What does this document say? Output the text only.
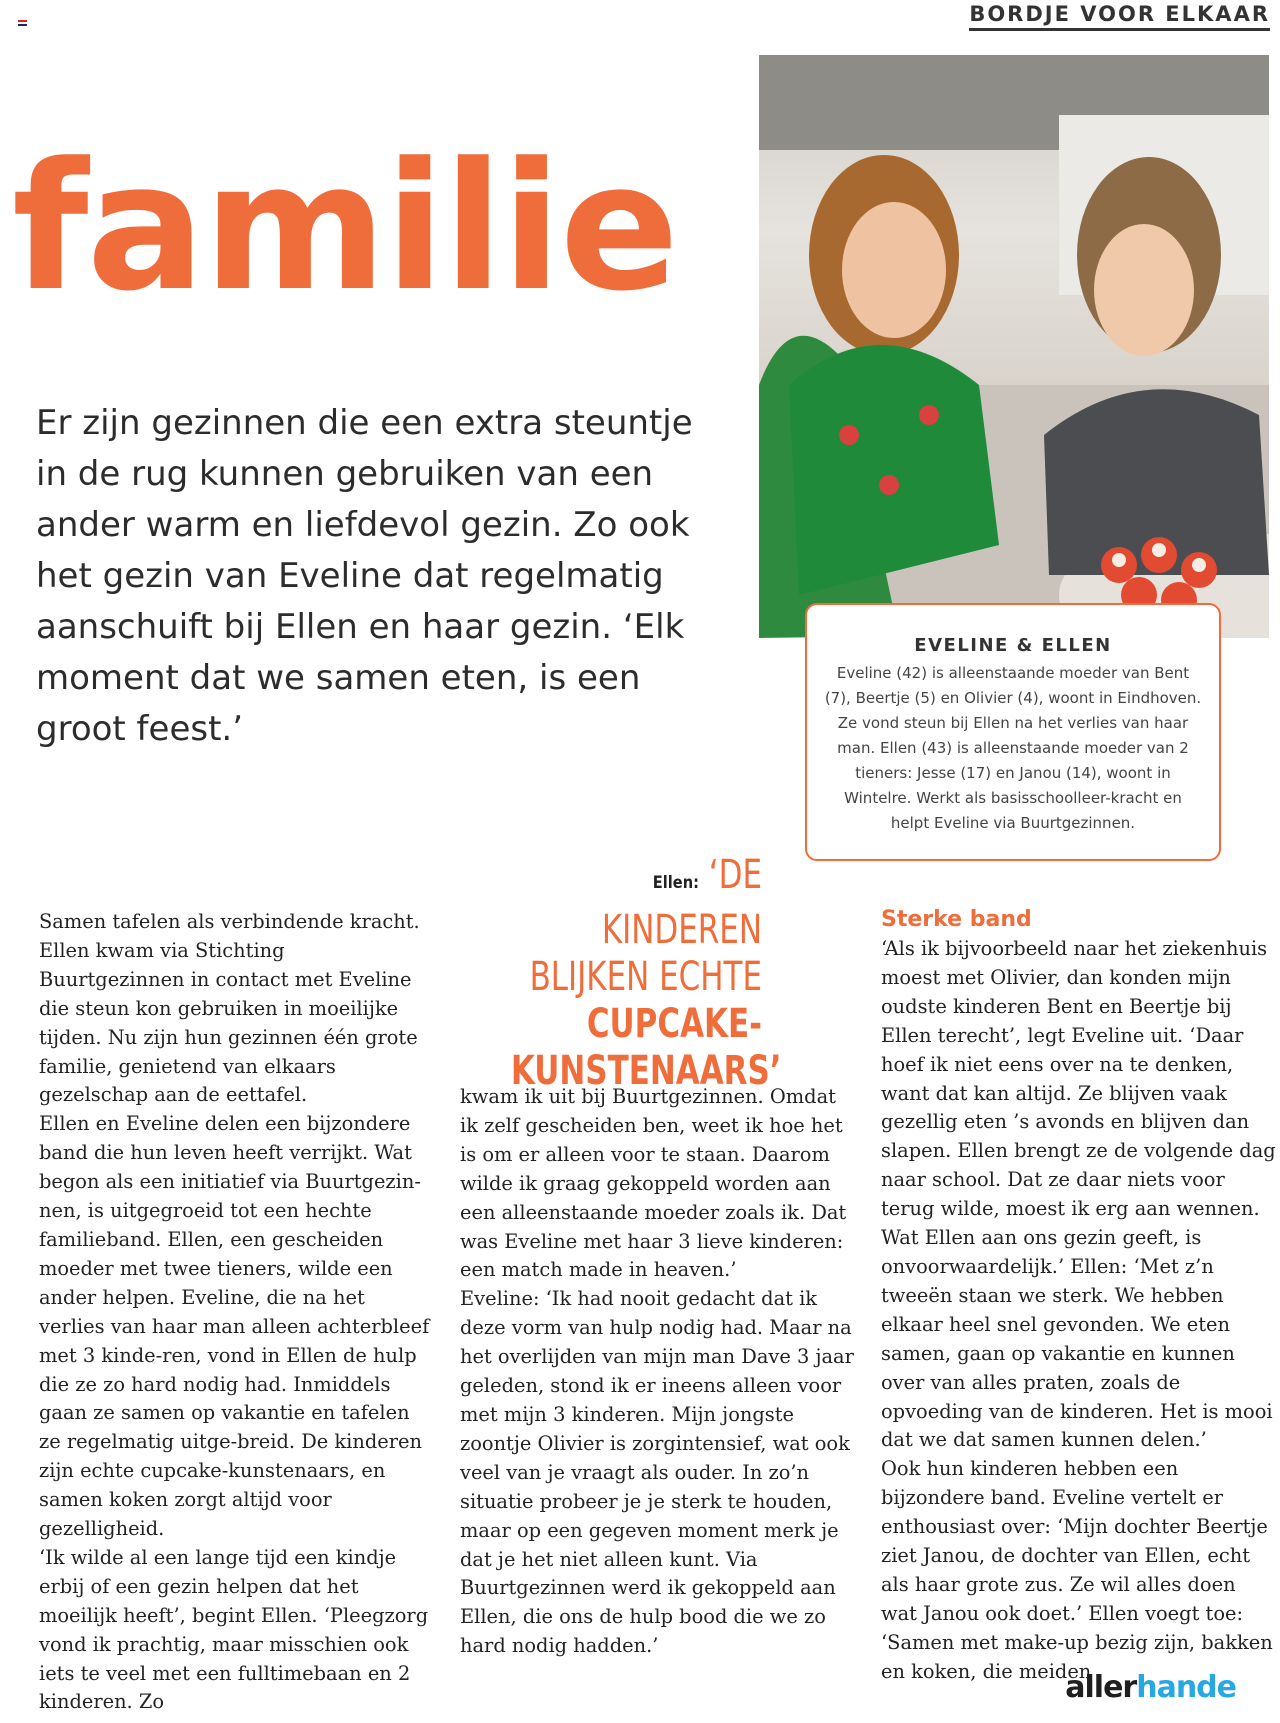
BORDJE VOOR ELKAAR
familie
Er zijn gezinnen die een extra steuntje in de rug kunnen gebruiken van een ander warm en liefdevol gezin. Zo ook het gezin van Eveline dat regelmatig aanschuift bij Ellen en haar gezin. ‘Elk moment dat we samen eten, is een groot feest.’
EVELINE & ELLEN
Eveline (42) is alleenstaande moeder van Bent (7), Beertje (5) en Olivier (4), woont in Eindhoven. Ze vond steun bij Ellen na het verlies van haar man. Ellen (43) is alleenstaande moeder van 2 tieners: Jesse (17) en Janou (14), woont in Wintelre. Werkt als basisschoolleer-kracht en helpt Eveline via Buurtgezinnen.
Ellen: ‘DE KINDEREN BLIJKEN ECHTE CUPCAKE-KUNSTENAARS’

Samen tafelen als verbindende kracht. Ellen kwam via Stichting Buurtgezinnen in contact met Eveline die steun kon gebruiken in moeilijke tijden. Nu zijn hun gezinnen één grote familie, genietend van elkaars gezelschap aan de eettafel.

Ellen en Eveline delen een bijzondere band die hun leven heeft verrijkt. Wat begon als een initiatief via Buurtgezin-nen, is uitgegroeid tot een hechte familieband. Ellen, een gescheiden moeder met twee tieners, wilde een ander helpen. Eveline, die na het verlies van haar man alleen achterbleef met 3 kinde-ren, vond in Ellen de hulp die ze zo hard nodig had. Inmiddels gaan ze samen op vakantie en tafelen ze regelmatig uitge-breid. De kinderen zijn echte cupcake-kunstenaars, en samen koken zorgt altijd voor gezelligheid.

‘Ik wilde al een lange tijd een kindje erbij of een gezin helpen dat het moeilijk heeft’, begint Ellen. ‘Pleegzorg vond ik prachtig, maar misschien ook iets te veel met een fulltimebaan en 2 kinderen. Zo

kwam ik uit bij Buurtgezinnen. Omdat ik zelf gescheiden ben, weet ik hoe het is om er alleen voor te staan. Daarom wilde ik graag gekoppeld worden aan een alleenstaande moeder zoals ik. Dat was Eveline met haar 3 lieve kinderen: een match made in heaven.’

Eveline: ‘Ik had nooit gedacht dat ik deze vorm van hulp nodig had. Maar na het overlijden van mijn man Dave 3 jaar geleden, stond ik er ineens alleen voor met mijn 3 kinderen. Mijn jongste zoontje Olivier is zorgintensief, wat ook veel van je vraagt als ouder. In zo’n situatie probeer je je sterk te houden, maar op een gegeven moment merk je dat je het niet alleen kunt. Via Buurtgezinnen werd ik gekoppeld aan Ellen, die ons de hulp bood die we zo hard nodig hadden.’

Sterke band

‘Als ik bijvoorbeeld naar het ziekenhuis moest met Olivier, dan konden mijn oudste kinderen Bent en Beertje bij Ellen terecht’, legt Eveline uit. ‘Daar hoef ik niet eens over na te denken, want dat kan altijd. Ze blijven vaak gezellig eten ’s avonds en blijven dan slapen. Ellen brengt ze de volgende dag naar school. Dat ze daar niets voor terug wilde, moest ik erg aan wennen. Wat Ellen aan ons gezin geeft, is onvoorwaardelijk.’ Ellen: ‘Met z’n tweeën staan we sterk. We hebben elkaar heel snel gevonden. We eten samen, gaan op vakantie en kunnen over van alles praten, zoals de opvoeding van de kinderen. Het is mooi dat we dat samen kunnen delen.’

Ook hun kinderen hebben een bijzondere band. Eveline vertelt er enthousiast over: ‘Mijn dochter Beertje ziet Janou, de dochter van Ellen, echt als haar grote zus. Ze wil alles doen wat Janou ook doet.’ Ellen voegt toe: ‘Samen met make-up bezig zijn, bakken en koken, die meiden

allerhande
